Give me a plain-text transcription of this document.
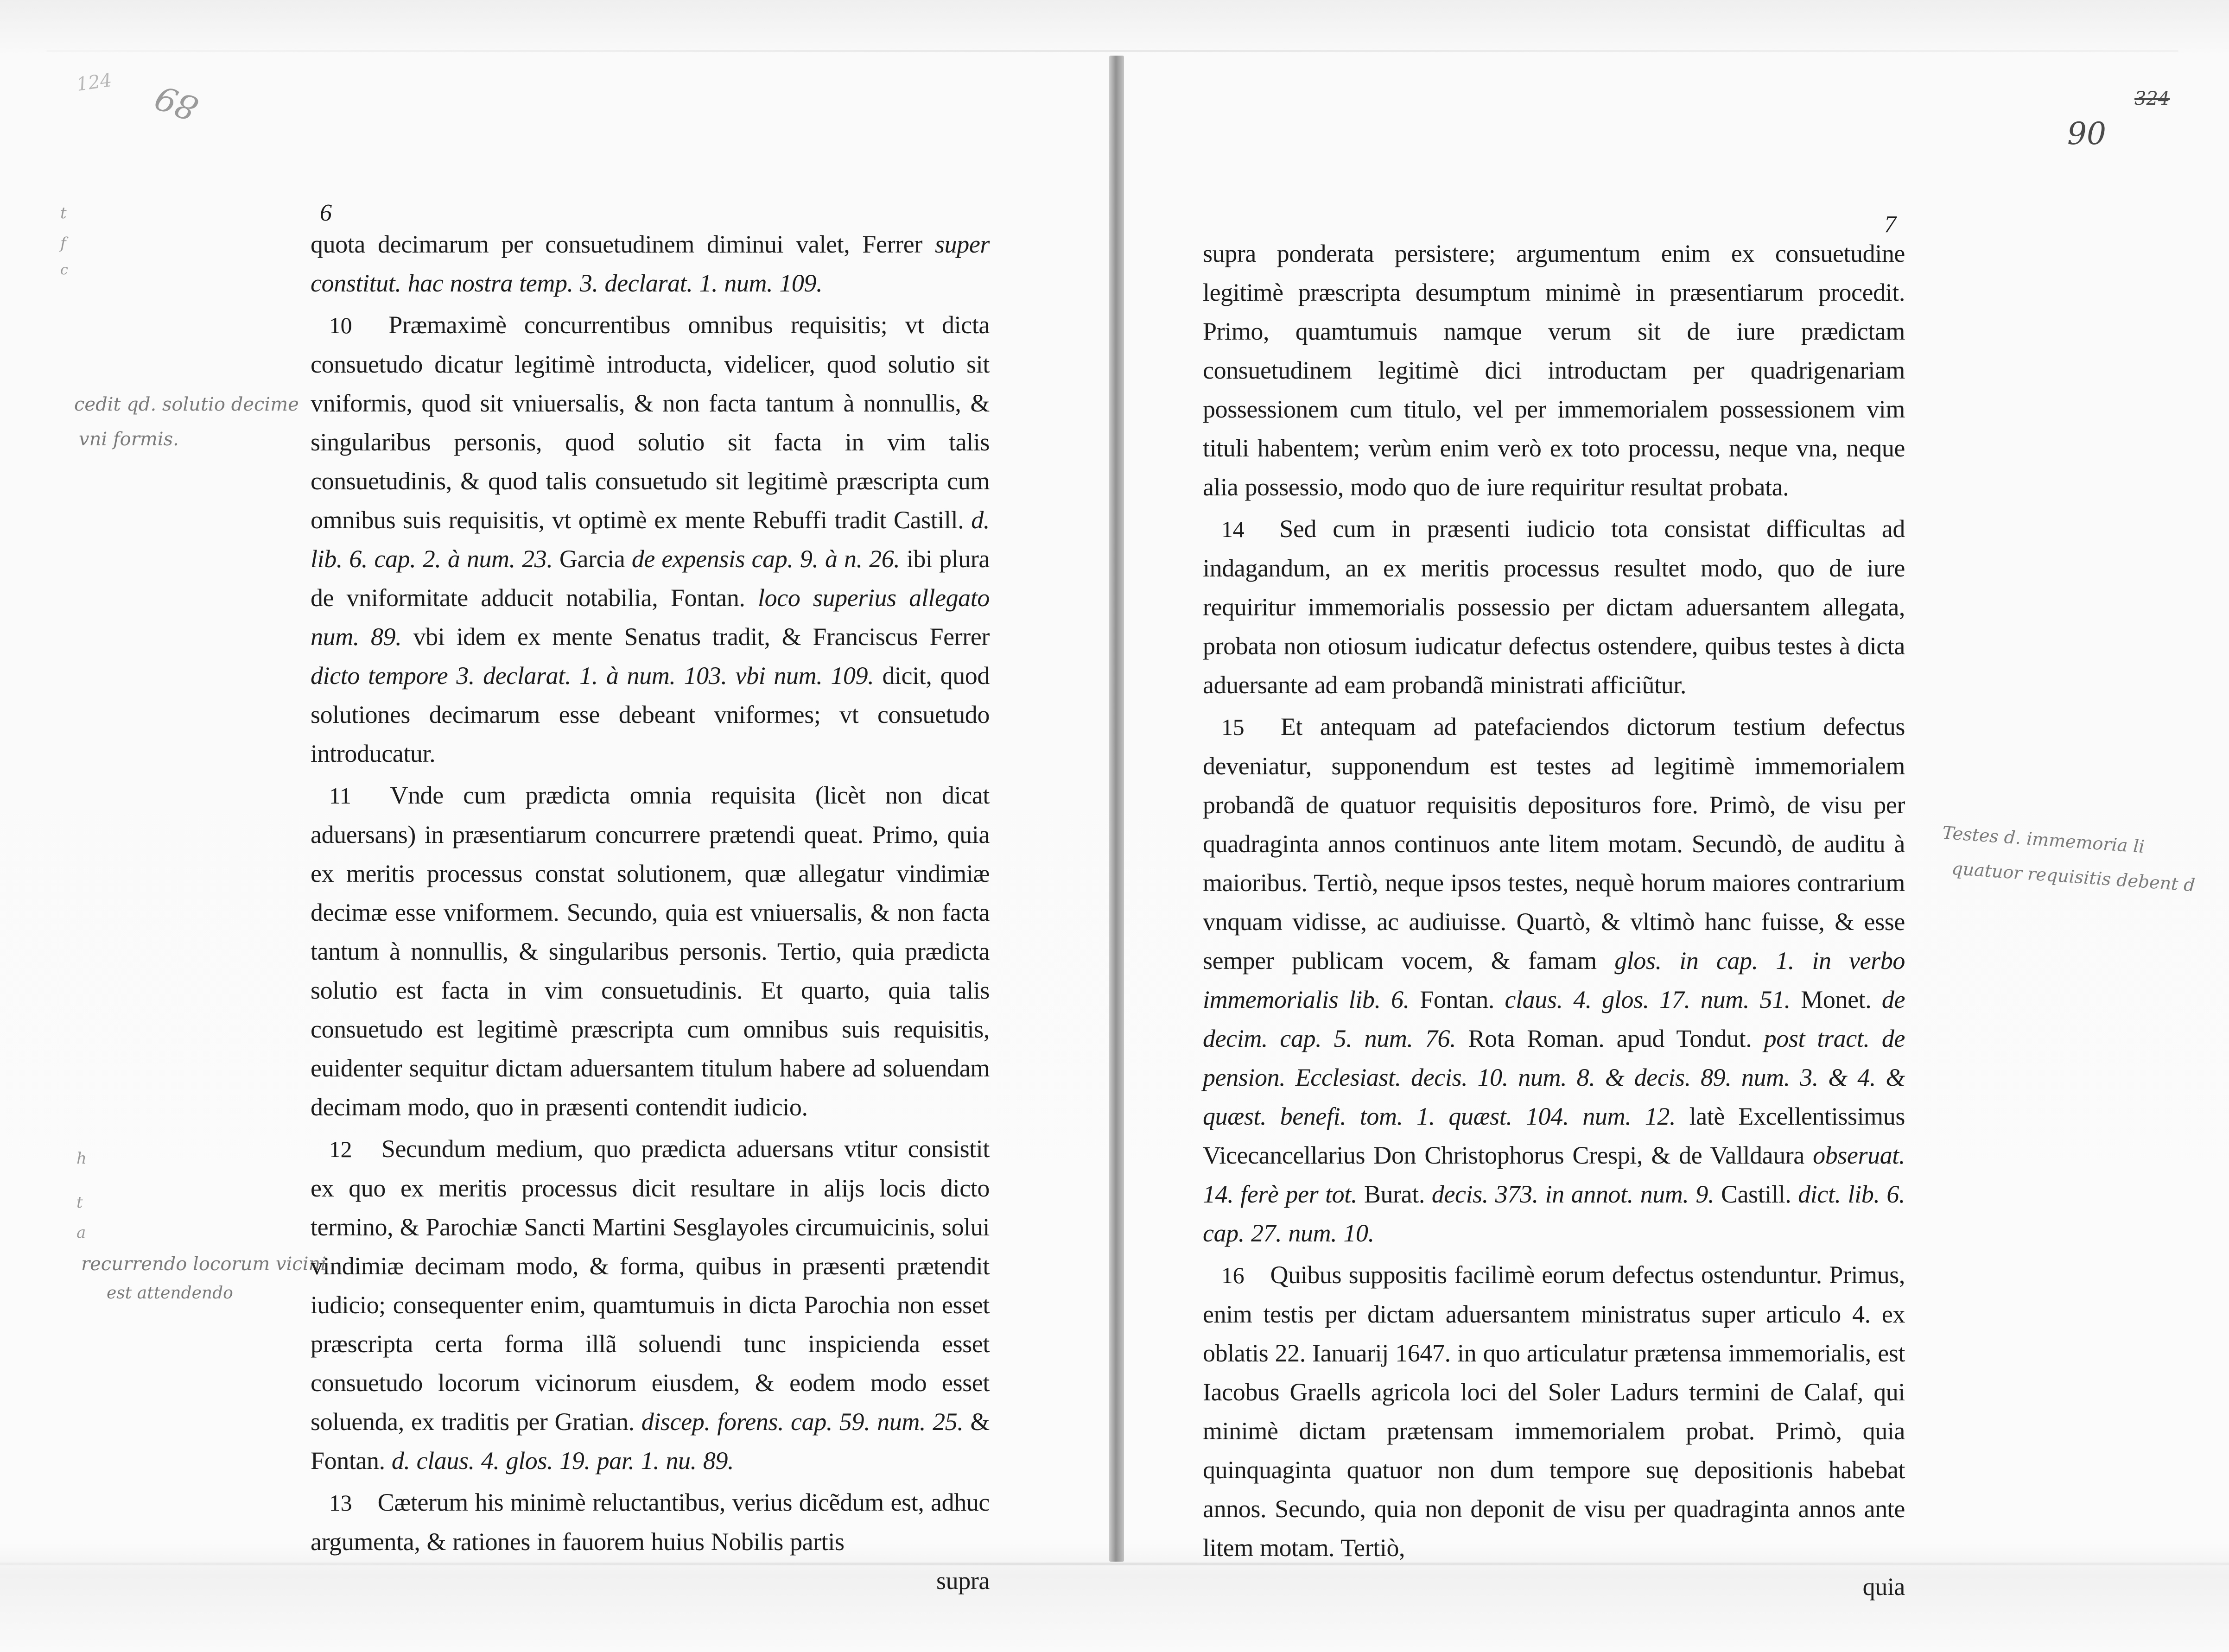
124 89
t
f
c
cedit qd. solutio decime
vni formis.
h
t
a
recurrendo locorum vicini
est attendendo
6

quota decimarum per consuetudinem diminui valet, Ferrer super constitut. hac nostra temp. 3. declarat. 1. num. 109.

10 Præmaximè concurrentibus omnibus requisitis; vt dicta consuetudo dicatur legitimè introducta, videlicer, quod solutio sit vniformis, quod sit vniuersalis, & non facta tantum à nonnullis, & singularibus personis, quod solutio sit facta in vim talis consuetudinis, & quod talis consuetudo sit legitimè præscripta cum omnibus suis requisitis, vt optimè ex mente Rebuffi tradit Castill. d. lib. 6. cap. 2. à num. 23. Garcia de expensis cap. 9. à n. 26. ibi plura de vniformitate adducit notabilia, Fontan. loco superius allegato num. 89. vbi idem ex mente Senatus tradit, & Franciscus Ferrer dicto tempore 3. declarat. 1. à num. 103. vbi num. 109. dicit, quod solutiones decimarum esse debeant vniformes; vt consuetudo introducatur.

11 Vnde cum prædicta omnia requisita (licèt non dicat aduersans) in præsentiarum concurrere prætendi queat. Primo, quia ex meritis processus constat solutionem, quæ allegatur vindimiæ decimæ esse vniformem. Secundo, quia est vniuersalis, & non facta tantum à nonnullis, & singularibus personis. Tertio, quia prædicta solutio est facta in vim consuetudinis. Et quarto, quia talis consuetudo est legitimè præscripta cum omnibus suis requisitis, euidenter sequitur dictam aduersantem titulum habere ad soluendam decimam modo, quo in præsenti contendit iudicio.

12 Secundum medium, quo prædicta aduersans vtitur consistit ex quo ex meritis processus dicit resultare in alijs locis dicto termino, & Parochiæ Sancti Martini Sesglayoles circumuicinis, solui vindimiæ decimam modo, & forma, quibus in præsenti prætendit iudicio; consequenter enim, quamtumuis in dicta Parochia non esset præscripta certa forma illã soluendi tunc inspicienda esset consuetudo locorum vicinorum eiusdem, & eodem modo esset soluenda, ex traditis per Gratian. discep. forens. cap. 59. num. 25. & Fontan. d. claus. 4. glos. 19. par. 1. nu. 89.

13 Cæterum his minimè reluctantibus, verius dicẽdum est, adhuc argumenta, & rationes in fauorem huius Nobilis partis
supra

90
324
7
Testes d. immemoria li
quatuor requisitis debent d

supra ponderata persistere; argumentum enim ex consuetudine legitimè præscripta desumptum minimè in præsentiarum procedit. Primo, quamtumuis namque verum sit de iure prædictam consuetudinem legitimè dici introductam per quadrigenariam possessionem cum titulo, vel per immemorialem possessionem vim tituli habentem; verùm enim verò ex toto processu, neque vna, neque alia possessio, modo quo de iure requiritur resultat probata.

14 Sed cum in præsenti iudicio tota consistat difficultas ad indagandum, an ex meritis processus resultet modo, quo de iure requiritur immemorialis possessio per dictam aduersantem allegata, probata non otiosum iudicatur defectus ostendere, quibus testes à dicta aduersante ad eam probandã ministrati afficiũtur.

15 Et antequam ad patefaciendos dictorum testium defectus deveniatur, supponendum est testes ad legitimè immemorialem probandã de quatuor requisitis deposituros fore. Primò, de visu per quadraginta annos continuos ante litem motam. Secundò, de auditu à maioribus. Tertiò, neque ipsos testes, nequè horum maiores contrarium vnquam vidisse, ac audiuisse. Quartò, & vltimò hanc fuisse, & esse semper publicam vocem, & famam glos. in cap. 1. in verbo immemorialis lib. 6. Fontan. claus. 4. glos. 17. num. 51. Monet. de decim. cap. 5. num. 76. Rota Roman. apud Tondut. post tract. de pension. Ecclesiast. decis. 10. num. 8. & decis. 89. num. 3. & 4. & quæst. benefi. tom. 1. quæst. 104. num. 12. latè Excellentissimus Vicecancellarius Don Christophorus Crespi, & de Valldaura obseruat. 14. ferè per tot. Burat. decis. 373. in annot. num. 9. Castill. dict. lib. 6. cap. 27. num. 10.

16 Quibus suppositis facilimè eorum defectus ostenduntur. Primus, enim testis per dictam aduersantem ministratus super articulo 4. ex oblatis 22. Ianuarij 1647. in quo articulatur prætensa immemorialis, est Iacobus Graells agricola loci del Soler Ladurs termini de Calaf, qui minimè dictam prætensam immemorialem probat. Primò, quia quinquaginta quatuor non dum tempore suę depositionis habebat annos. Secundo, quia non deponit de visu per quadraginta annos ante litem motam. Tertiò,
quia
